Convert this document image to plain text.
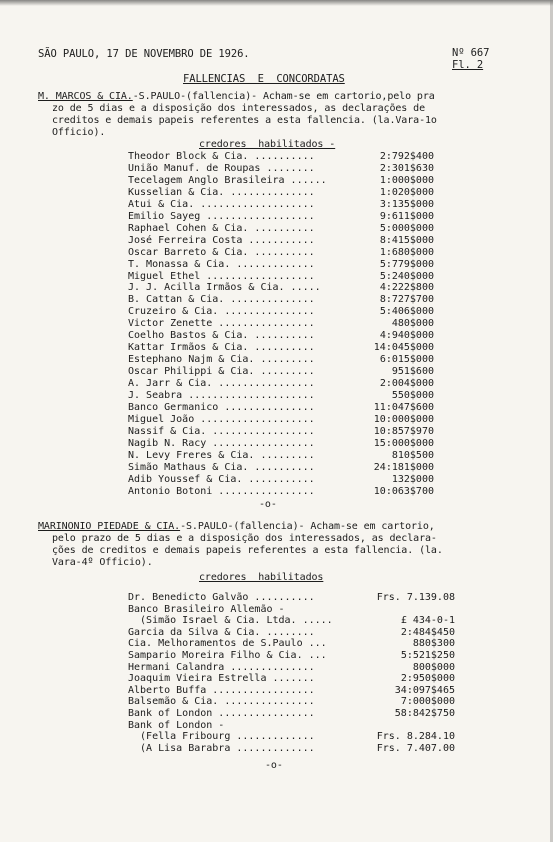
SÃO PAULO, 17 DE NOVEMBRO DE 1926.	Nº 667
Fl. 2
FALLENCIAS  E  CONCORDATAS
M. MARCOS & CIA.-S.PAULO-(fallencia)- Acham-se em cartorio,pelo pra
zo de 5 dias e a disposição dos interessados, as declarações de
creditos e demais papeis referentes a esta fallencia. (la.Vara-1o
Officio).
credores  habilitados -
Theodor Block & Cia. ..........	2:792$400
União Manuf. de Roupas ........	2:301$630
Tecelagem Anglo Brasileira ......	1:000$000
Kusselian & Cia. ..............	1:020$000
Atui & Cia. ...................	3:135$000
Emilio Sayeg ..................	9:611$000
Raphael Cohen & Cia. ..........	5:000$000
José Ferreira Costa ...........	8:415$000
Oscar Barreto & Cia. ..........	1:680$000
T. Monassa & Cia. .............	5:779$000
Miguel Ethel ..................	5:240$000
J. J. Acilla Irmãos & Cia. .....	4:222$800
B. Cattan & Cia. ..............	8:727$700
Cruzeiro & Cia. ...............	5:406$000
Victor Zenette ................	480$000
Coelho Bastos & Cia. ..........	4:940$000
Kattar Irmãos & Cia. ..........	14:045$000
Estephano Najm & Cia. .........	6:015$000
Oscar Philippi & Cia. .........	951$600
A. Jarr & Cia. ................	2:004$000
J. Seabra .....................	550$000
Banco Germanico ...............	11:047$600
Miguel João ...................	10:000$000
Nassif & Cia. .................	10:857$970
Nagib N. Racy .................	15:000$000
N. Levy Freres & Cia. .........	810$500
Simão Mathaus & Cia. ..........	24:181$000
Adib Youssef & Cia. ...........	132$000
Antonio Botoni ................	10:063$700
-o-
MARINONIO PIEDADE & CIA.-S.PAULO-(fallencia)- Acham-se em cartorio,
pelo prazo de 5 dias e a disposição dos interessados, as declara-
ções de creditos e demais papeis referentes a esta fallencia. (la.
Vara-4º Officio).
credores  habilitados
Dr. Benedicto Galvão ..........	Frs. 7.139.08
Banco Brasileiro Allemão -
(Simão Israel & Cia. Ltda. .....	£ 434-0-1
Garcia da Silva & Cia. ........	2:484$450
Cia. Melhoramentos de S.Paulo ...	880$300
Sampario Moreira Filho & Cia. ...	5:521$250
Hermani Calandra ..............	800$000
Joaquim Vieira Estrella .......	2:950$000
Alberto Buffa .................	34:097$465
Balsemão & Cia. ...............	7:000$000
Bank of London ................	58:842$750
Bank of London -
(Fella Fribourg .............	Frs. 8.284.10
(A Lisa Barabra .............	Frs. 7.407.00
-o-
